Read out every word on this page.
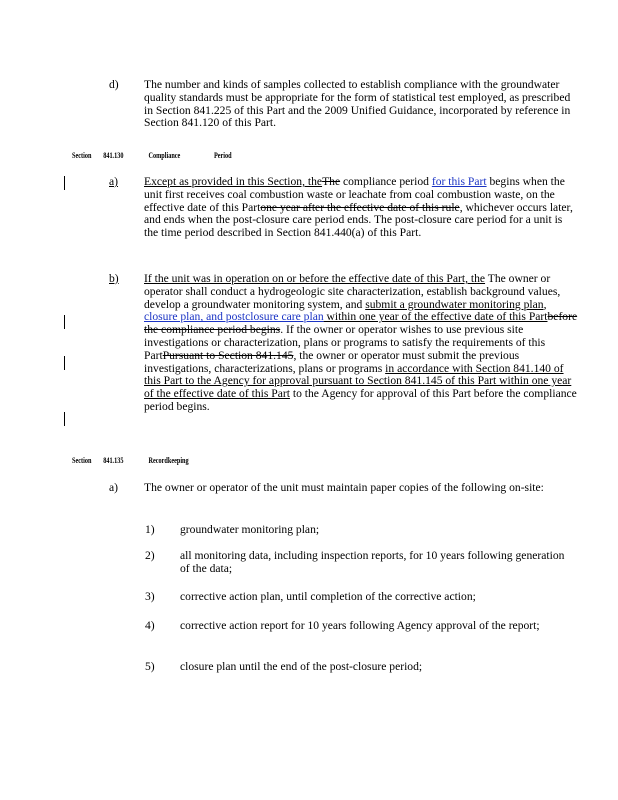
d)	The number and kinds of samples collected to establish compliance with the groundwater quality standards must be appropriate for the form of statistical test employed, as prescribed in Section 841.225 of this Part and the 2009 Unified Guidance, incorporated by reference in Section 841.120 of this Part.
Section 841.130	Compliance	Period
a)	Except as provided in this Section, theThe compliance period for this Part begins when the unit first receives coal combustion waste or leachate from coal combustion waste, on the effective date of this Partone year after the effective date of this rule, whichever occurs later, and ends when the post-closure care period ends. The post-closure care period for a unit is the time period described in Section 841.440(a) of this Part.
b)	If the unit was in operation on or before the effective date of this Part, the The owner or operator shall conduct a hydrogeologic site characterization, establish background values, develop a groundwater monitoring system, and submit a groundwater monitoring plan, closure plan, and postclosure care plan within one year of the effective date of this Partbefore the compliance period begins. If the owner or operator wishes to use previous site investigations or characterization, plans or programs to satisfy the requirements of this PartPursuant to Section 841.145, the owner or operator must submit the previous investigations, characterizations, plans or programs in accordance with Section 841.140 of this Part to the Agency for approval pursuant to Section 841.145 of this Part within one year of the effective date of this Part to the Agency for approval of this Part before the compliance period begins.
Section 841.135	Recordkeeping
a)	The owner or operator of the unit must maintain paper copies of the following on-site:
1)	groundwater monitoring plan;
2)	all monitoring data, including inspection reports, for 10 years following generation of the data;
3)	corrective action plan, until completion of the corrective action;
4)	corrective action report for 10 years following Agency approval of the report;
5)	closure plan until the end of the post-closure period;
